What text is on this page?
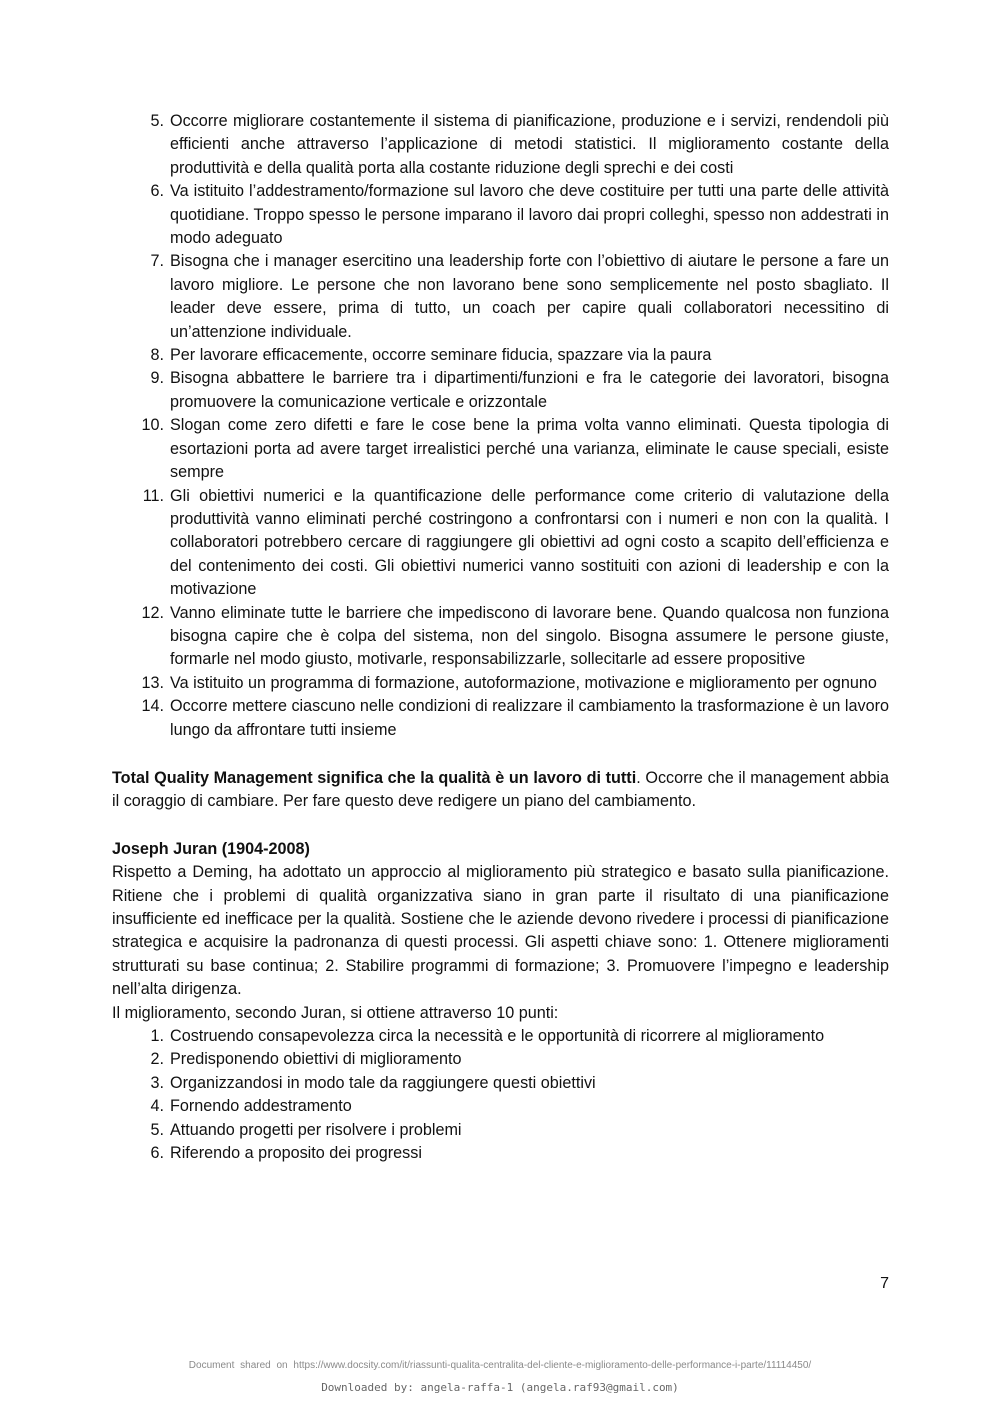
5. Occorre migliorare costantemente il sistema di pianificazione, produzione e i servizi, rendendoli più efficienti anche attraverso l’applicazione di metodi statistici. Il miglioramento costante della produttività e della qualità porta alla costante riduzione degli sprechi e dei costi
6. Va istituito l’addestramento/formazione sul lavoro che deve costituire per tutti una parte delle attività quotidiane. Troppo spesso le persone imparano il lavoro dai propri colleghi, spesso non addestrati in modo adeguato
7. Bisogna che i manager esercitino una leadership forte con l’obiettivo di aiutare le persone a fare un lavoro migliore. Le persone che non lavorano bene sono semplicemente nel posto sbagliato. Il leader deve essere, prima di tutto, un coach per capire quali collaboratori necessitino di un’attenzione individuale.
8. Per lavorare efficacemente, occorre seminare fiducia, spazzare via la paura
9. Bisogna abbattere le barriere tra i dipartimenti/funzioni e fra le categorie dei lavoratori, bisogna promuovere la comunicazione verticale e orizzontale
10. Slogan come zero difetti e fare le cose bene la prima volta vanno eliminati. Questa tipologia di esortazioni porta ad avere target irrealistici perché una varianza, eliminate le cause speciali, esiste sempre
11. Gli obiettivi numerici e la quantificazione delle performance come criterio di valutazione della produttività vanno eliminati perché costringono a confrontarsi con i numeri e non con la qualità. I collaboratori potrebbero cercare di raggiungere gli obiettivi ad ogni costo a scapito dell’efficienza e del contenimento dei costi. Gli obiettivi numerici vanno sostituiti con azioni di leadership e con la motivazione
12. Vanno eliminate tutte le barriere che impediscono di lavorare bene. Quando qualcosa non funziona bisogna capire che è colpa del sistema, non del singolo. Bisogna assumere le persone giuste, formarle nel modo giusto, motivarle, responsabilizzarle, sollecitarle ad essere propositive
13. Va istituito un programma di formazione, autoformazione, motivazione e miglioramento per ognuno
14. Occorre mettere ciascuno nelle condizioni di realizzare il cambiamento la trasformazione è un lavoro lungo da affrontare tutti insieme

Total Quality Management significa che la qualità è un lavoro di tutti. Occorre che il management abbia il coraggio di cambiare. Per fare questo deve redigere un piano del cambiamento.

Joseph Juran (1904-2008)

Rispetto a Deming, ha adottato un approccio al miglioramento più strategico e basato sulla pianificazione. Ritiene che i problemi di qualità organizzativa siano in gran parte il risultato di una pianificazione insufficiente ed inefficace per la qualità. Sostiene che le aziende devono rivedere i processi di pianificazione strategica e acquisire la padronanza di questi processi. Gli aspetti chiave sono: 1. Ottenere miglioramenti strutturati su base continua; 2. Stabilire programmi di formazione; 3. Promuovere l’impegno e leadership nell’alta dirigenza.

Il miglioramento, secondo Juran, si ottiene attraverso 10 punti:

1. Costruendo consapevolezza circa la necessità e le opportunità di ricorrere al miglioramento
2. Predisponendo obiettivi di miglioramento
3. Organizzandosi in modo tale da raggiungere questi obiettivi
4. Fornendo addestramento
5. Attuando progetti per risolvere i problemi
6. Riferendo a proposito dei progressi
7
Document shared on https://www.docsity.com/it/riassunti-qualita-centralita-del-cliente-e-miglioramento-delle-performance-i-parte/11114450/
Downloaded by: angela-raffa-1 (angela.raf93@gmail.com)
